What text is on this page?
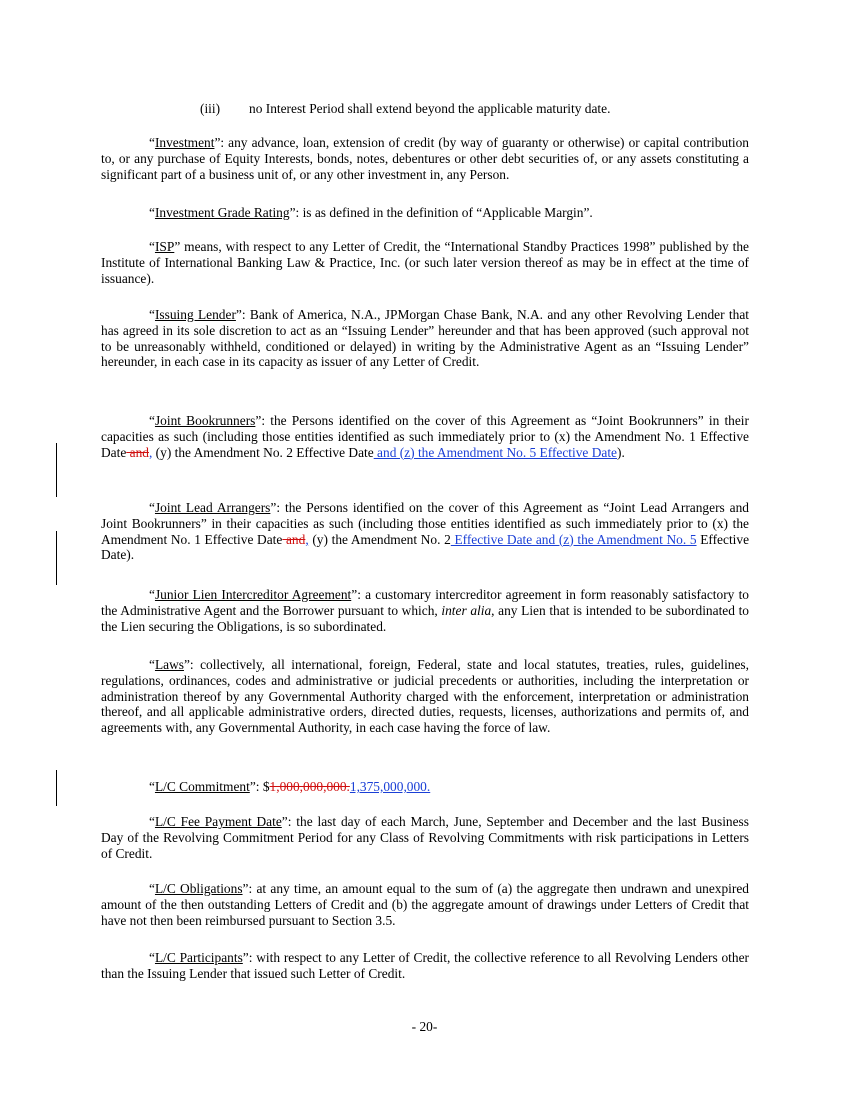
(iii) no Interest Period shall extend beyond the applicable maturity date.

“Investment”: any advance, loan, extension of credit (by way of guaranty or otherwise) or capital contribution to, or any purchase of Equity Interests, bonds, notes, debentures or other debt securities of, or any assets constituting a significant part of a business unit of, or any other investment in, any Person.

“Investment Grade Rating”: is as defined in the definition of “Applicable Margin”.

“ISP” means, with respect to any Letter of Credit, the “International Standby Practices 1998” published by the Institute of International Banking Law & Practice, Inc. (or such later version thereof as may be in effect at the time of issuance).

“Issuing Lender”: Bank of America, N.A., JPMorgan Chase Bank, N.A. and any other Revolving Lender that has agreed in its sole discretion to act as an “Issuing Lender” hereunder and that has been approved (such approval not to be unreasonably withheld, conditioned or delayed) in writing by the Administrative Agent as an “Issuing Lender” hereunder, in each case in its capacity as issuer of any Letter of Credit.

“Joint Bookrunners”: the Persons identified on the cover of this Agreement as “Joint Bookrunners” in their capacities as such (including those entities identified as such immediately prior to (x) the Amendment No. 1 Effective Date and, (y) the Amendment No. 2 Effective Date and (z) the Amendment No. 5 Effective Date).

“Joint Lead Arrangers”: the Persons identified on the cover of this Agreement as “Joint Lead Arrangers and Joint Bookrunners” in their capacities as such (including those entities identified as such immediately prior to (x) the Amendment No. 1 Effective Date and, (y) the Amendment No. 2 Effective Date and (z) the Amendment No. 5 Effective Date).

“Junior Lien Intercreditor Agreement”: a customary intercreditor agreement in form reasonably satisfactory to the Administrative Agent and the Borrower pursuant to which, inter alia, any Lien that is intended to be subordinated to the Lien securing the Obligations, is so subordinated.

“Laws”: collectively, all international, foreign, Federal, state and local statutes, treaties, rules, guidelines, regulations, ordinances, codes and administrative or judicial precedents or authorities, including the interpretation or administration thereof by any Governmental Authority charged with the enforcement, interpretation or administration thereof, and all applicable administrative orders, directed duties, requests, licenses, authorizations and permits of, and agreements with, any Governmental Authority, in each case having the force of law.

“L/C Commitment”: $1,000,000,000.1,375,000,000.

“L/C Fee Payment Date”: the last day of each March, June, September and December and the last Business Day of the Revolving Commitment Period for any Class of Revolving Commitments with risk participations in Letters of Credit.

“L/C Obligations”: at any time, an amount equal to the sum of (a) the aggregate then undrawn and unexpired amount of the then outstanding Letters of Credit and (b) the aggregate amount of drawings under Letters of Credit that have not then been reimbursed pursuant to Section 3.5.

“L/C Participants”: with respect to any Letter of Credit, the collective reference to all Revolving Lenders other than the Issuing Lender that issued such Letter of Credit.

- 20-
